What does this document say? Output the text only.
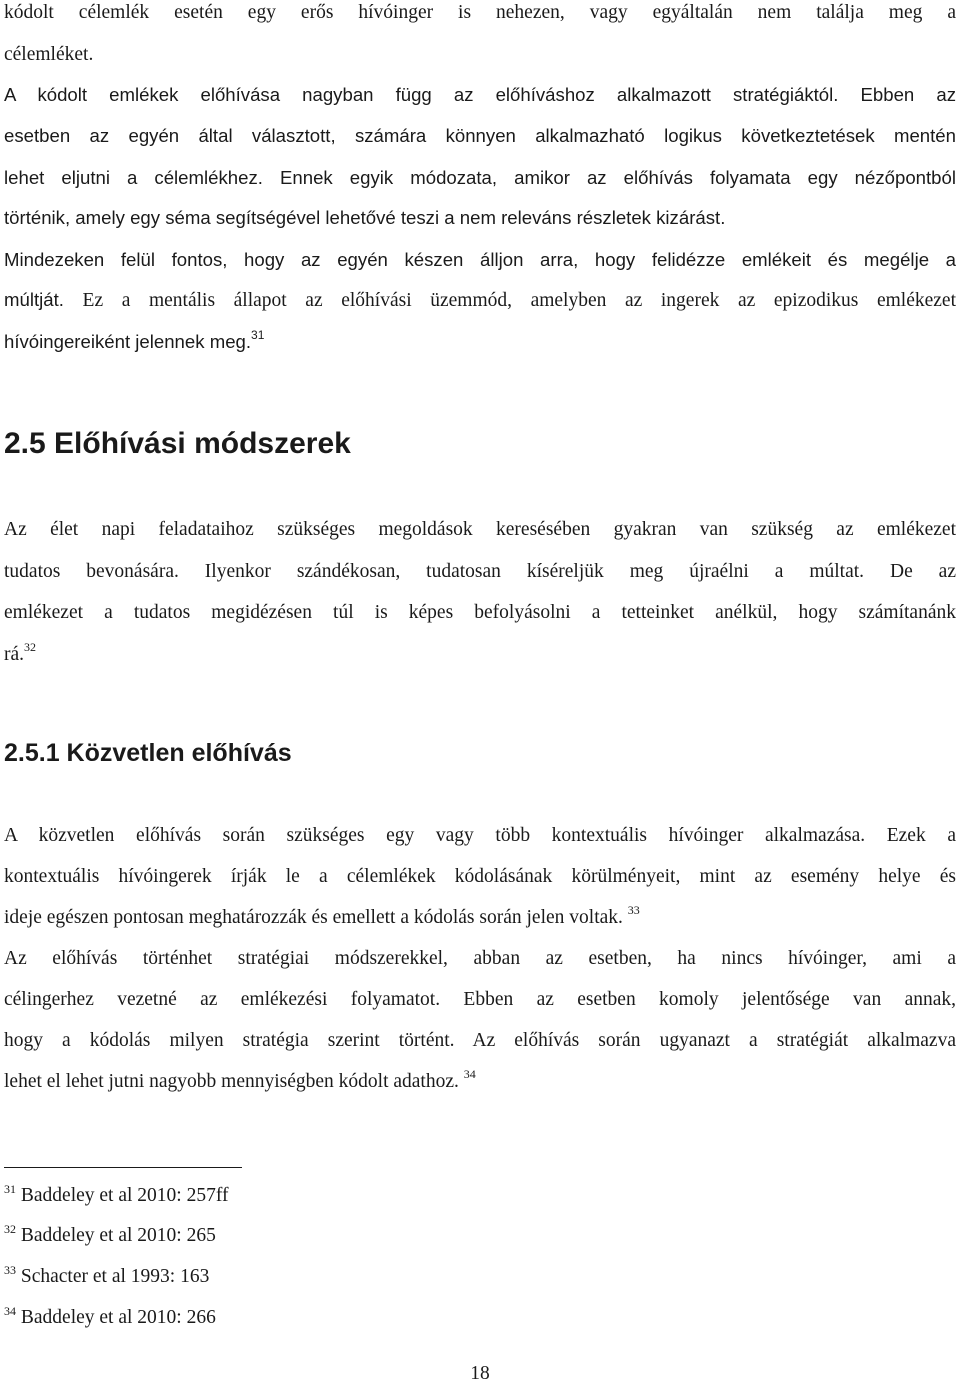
kódolt célemlék esetén egy erős hívóinger is nehezen, vagy egyáltalán nem találja meg a
célemléket.
A kódolt emlékek előhívása nagyban függ az előhíváshoz alkalmazott stratégiáktól. Ebben az
esetben az egyén által választott, számára könnyen alkalmazható logikus következtetések mentén
lehet eljutni a célemlékhez. Ennek egyik módozata, amikor az előhívás folyamata egy nézőpontból
történik, amely egy séma segítségével lehetővé teszi a nem releváns részletek kizárást.
Mindezeken felül fontos, hogy az egyén készen álljon arra, hogy felidézze emlékeit és megélje a
múltját. Ez a mentális állapot az előhívási üzemmód, amelyben az ingerek az epizodikus emlékezet
hívóingereiként jelennek meg.$^{31}$
2.5 Előhívási módszerek
Az élet napi feladataihoz szükséges megoldások keresésében gyakran van szükség az emlékezet
tudatos bevonására. Ilyenkor szándékosan, tudatosan kíséreljük meg újraélni a múltat. De az
emlékezet a tudatos megidézésen túl is képes befolyásolni a tetteinket anélkül, hogy számítanánk
rá.$^{32}$
2.5.1 Közvetlen előhívás
A közvetlen előhívás során szükséges egy vagy több kontextuális hívóinger alkalmazása. Ezek a
kontextuális hívóingerek írják le a célemlékek kódolásának körülményeit, mint az esemény helye és
ideje egészen pontosan meghatározzák és emellett a kódolás során jelen voltak. $^{33}$
Az előhívás történhet stratégiai módszerekkel, abban az esetben, ha nincs hívóinger, ami a
célingerhez vezetné az emlékezési folyamatot. Ebben az esetben komoly jelentősége van annak,
hogy a kódolás milyen stratégia szerint történt. Az előhívás során ugyanazt a stratégiát alkalmazva
lehet el lehet jutni nagyobb mennyiségben kódolt adathoz. $^{34}$
$^{31}$ Baddeley et al 2010: 257ff
$^{32}$ Baddeley et al 2010: 265
$^{33}$ Schacter et al 1993: 163
$^{34}$ Baddeley et al 2010: 266
18
